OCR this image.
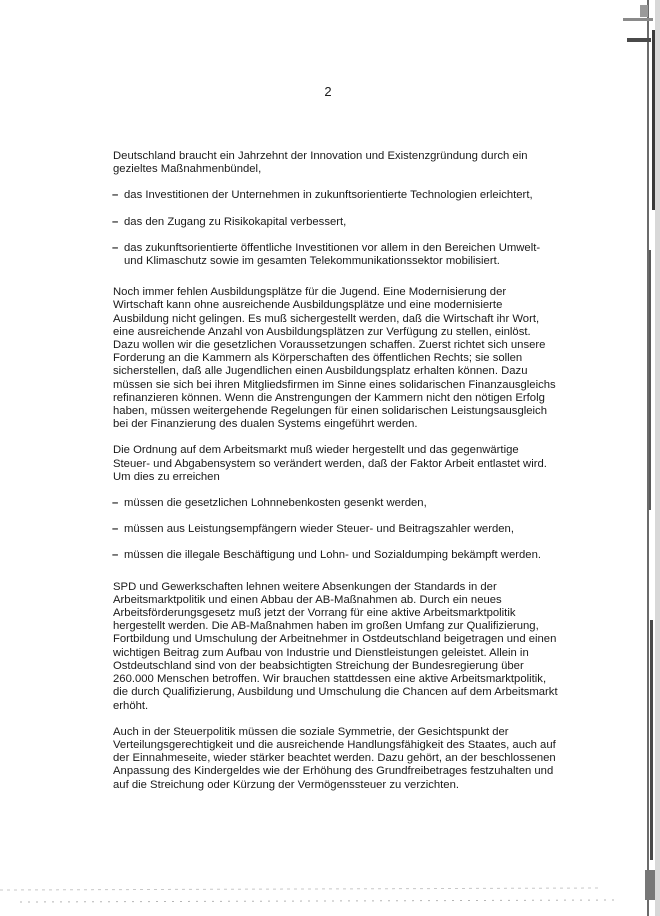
2

Deutschland braucht ein Jahrzehnt der Innovation und Existenzgründung durch ein gezieltes Maßnahmenbündel,

– das Investitionen der Unternehmen in zukunftsorientierte Technologien erleichtert,
– das den Zugang zu Risikokapital verbessert,
– das zukunftsorientierte öffentliche Investitionen vor allem in den Bereichen Umwelt- und Klimaschutz sowie im gesamten Telekommunikationssektor mobilisiert.

Noch immer fehlen Ausbildungsplätze für die Jugend. Eine Modernisierung der Wirtschaft kann ohne ausreichende Ausbildungsplätze und eine modernisierte Ausbildung nicht gelingen. Es muß sichergestellt werden, daß die Wirtschaft ihr Wort, eine ausreichende Anzahl von Ausbildungsplätzen zur Verfügung zu stellen, einlöst. Dazu wollen wir die gesetzlichen Voraussetzungen schaffen. Zuerst richtet sich unsere Forderung an die Kammern als Körperschaften des öffentlichen Rechts; sie sollen sicherstellen, daß alle Jugendlichen einen Ausbildungsplatz erhalten können. Dazu müssen sie sich bei ihren Mitgliedsfirmen im Sinne eines solidarischen Finanzausgleichs refinanzieren können. Wenn die Anstrengungen der Kammern nicht den nötigen Erfolg haben, müssen weitergehende Regelungen für einen solidarischen Leistungsausgleich bei der Finanzierung des dualen Systems eingeführt werden.

Die Ordnung auf dem Arbeitsmarkt muß wieder hergestellt und das gegenwärtige Steuer- und Abgabensystem so verändert werden, daß der Faktor Arbeit entlastet wird. Um dies zu erreichen

– müssen die gesetzlichen Lohnnebenkosten gesenkt werden,
– müssen aus Leistungsempfängern wieder Steuer- und Beitragszahler werden,
– müssen die illegale Beschäftigung und Lohn- und Sozialdumping bekämpft werden.

SPD und Gewerkschaften lehnen weitere Absenkungen der Standards in der Arbeitsmarktpolitik und einen Abbau der AB-Maßnahmen ab. Durch ein neues Arbeitsförderungsgesetz muß jetzt der Vorrang für eine aktive Arbeitsmarktpolitik hergestellt werden. Die AB-Maßnahmen haben im großen Umfang zur Qualifizierung, Fortbildung und Umschulung der Arbeitnehmer in Ostdeutschland beigetragen und einen wichtigen Beitrag zum Aufbau von Industrie und Dienstleistungen geleistet. Allein in Ostdeutschland sind von der beabsichtigten Streichung der Bundesregierung über 260.000 Menschen betroffen. Wir brauchen stattdessen eine aktive Arbeitsmarktpolitik, die durch Qualifizierung, Ausbildung und Umschulung die Chancen auf dem Arbeitsmarkt erhöht.

Auch in der Steuerpolitik müssen die soziale Symmetrie, der Gesichtspunkt der Verteilungsgerechtigkeit und die ausreichende Handlungsfähigkeit des Staates, auch auf der Einnahmeseite, wieder stärker beachtet werden. Dazu gehört, an der beschlossenen Anpassung des Kindergeldes wie der Erhöhung des Grundfreibetrages festzuhalten und auf die Streichung oder Kürzung der Vermögenssteuer zu verzichten.
